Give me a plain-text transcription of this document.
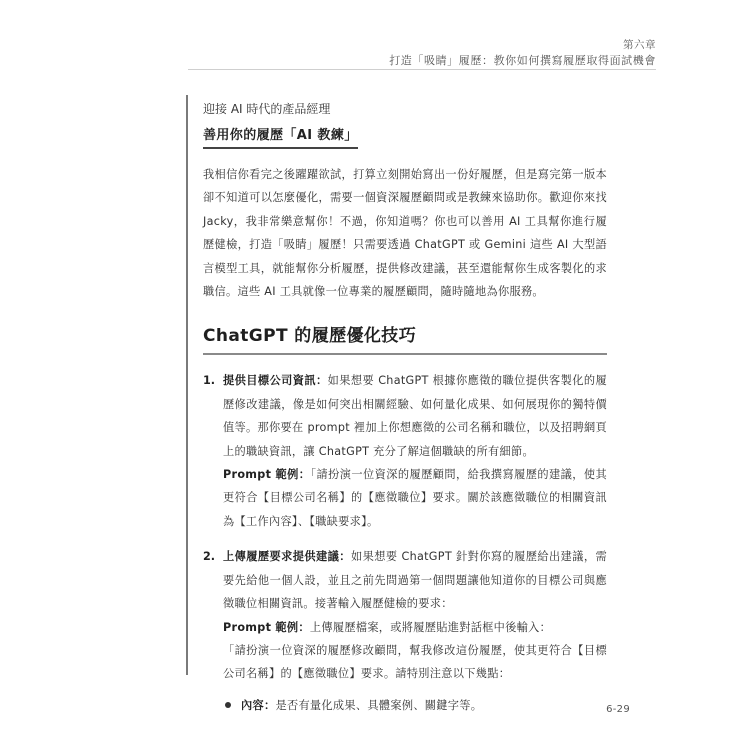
第六章
打造「吸睛」履歷：教你如何撰寫履歷取得面試機會
迎接 AI 時代的產品經理
善用你的履歷「AI 教練」

我相信你看完之後躍躍欲試，打算立刻開始寫出一份好履歷，但是寫完第一版本卻不知道可以怎麼優化，需要一個資深履歷顧問或是教練來協助你。歡迎你來找 Jacky，我非常樂意幫你！不過，你知道嗎？你也可以善用 AI 工具幫你進行履歷健檢，打造「吸睛」履歷！只需要透過 ChatGPT 或 Gemini 這些 AI 大型語言模型工具，就能幫你分析履歷，提供修改建議，甚至還能幫你生成客製化的求職信。這些 AI 工具就像一位專業的履歷顧問，隨時隨地為你服務。

ChatGPT 的履歷優化技巧
1. 提供目標公司資訊：如果想要 ChatGPT 根據你應徵的職位提供客製化的履歷修改建議，像是如何突出相關經驗、如何量化成果、如何展現你的獨特價值等。那你要在 prompt 裡加上你想應徵的公司名稱和職位，以及招聘網頁上的職缺資訊，讓 ChatGPT 充分了解這個職缺的所有細節。

Prompt 範例：「請扮演一位資深的履歷顧問，給我撰寫履歷的建議，使其更符合【目標公司名稱】的【應徵職位】要求。關於該應徵職位的相關資訊為【工作內容】、【職缺要求】。

2. 上傳履歷要求提供建議：如果想要 ChatGPT 針對你寫的履歷給出建議，需要先給他一個人設，並且之前先問過第一個問題讓他知道你的目標公司與應徵職位相關資訊。接著輸入履歷健檢的要求：

Prompt 範例：上傳履歷檔案，或將履歷貼進對話框中後輸入：

「請扮演一位資深的履歷修改顧問，幫我修改這份履歷，使其更符合【目標公司名稱】的【應徵職位】要求。請特別注意以下幾點：

內容：是否有量化成果、具體案例、關鍵字等。	6-29
